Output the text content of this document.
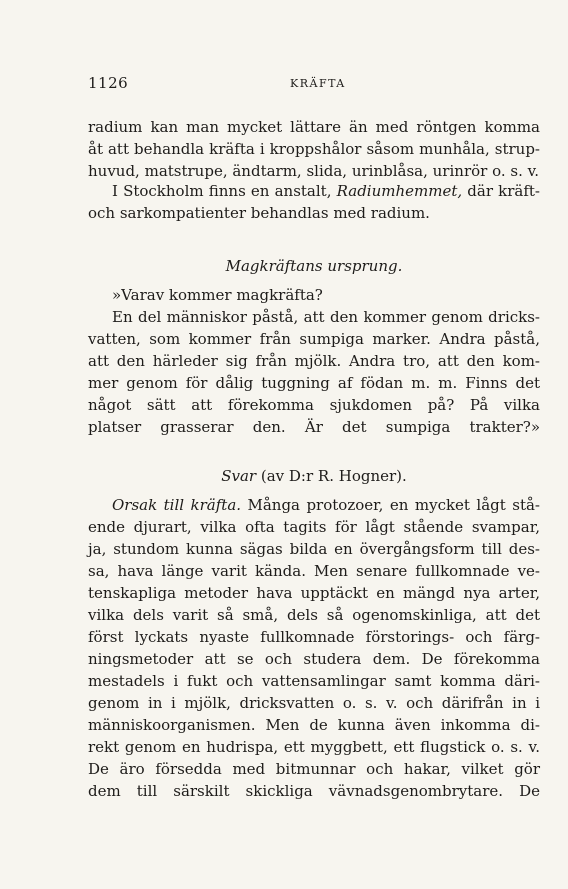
1126	KRÄFTA
radium kan man mycket lättare än med röntgen komma
åt att behandla kräfta i kroppshålor såsom munhåla, strup-
huvud, matstrupe, ändtarm, slida, urinblåsa, urinrör o. s. v.
I Stockholm finns en anstalt, Radiumhemmet, där kräft-
och sarkompatienter behandlas med radium.
Magkräftans ursprung.
»Varav kommer magkräfta?
En del människor påstå, att den kommer genom dricks-
vatten, som kommer från sumpiga marker. Andra påstå,
att den härleder sig från mjölk. Andra tro, att den kom-
mer genom för dålig tuggning af födan m. m. Finns det
något sätt att förekomma sjukdomen på? På vilka
platser grasserar den. Är det sumpiga trakter?»
Svar (av D:r R. Hogner).
Orsak till kräfta. Många protozoer, en mycket lågt stå-
ende djurart, vilka ofta tagits för lågt stående svampar,
ja, stundom kunna sägas bilda en övergångsform till des-
sa, hava länge varit kända. Men senare fullkomnade ve-
tenskapliga metoder hava upptäckt en mängd nya arter,
vilka dels varit så små, dels så ogenomskinliga, att det
först lyckats nyaste fullkomnade förstorings- och färg-
ningsmetoder att se och studera dem. De förekomma
mestadels i fukt och vattensamlingar samt komma däri-
genom in i mjölk, dricksvatten o. s. v. och därifrån in i
människoorganismen. Men de kunna även inkomma di-
rekt genom en hudrispa, ett myggbett, ett flugstick o. s. v.
De äro försedda med bitmunnar och hakar, vilket gör
dem till särskilt skickliga vävnadsgenombrytare. De
